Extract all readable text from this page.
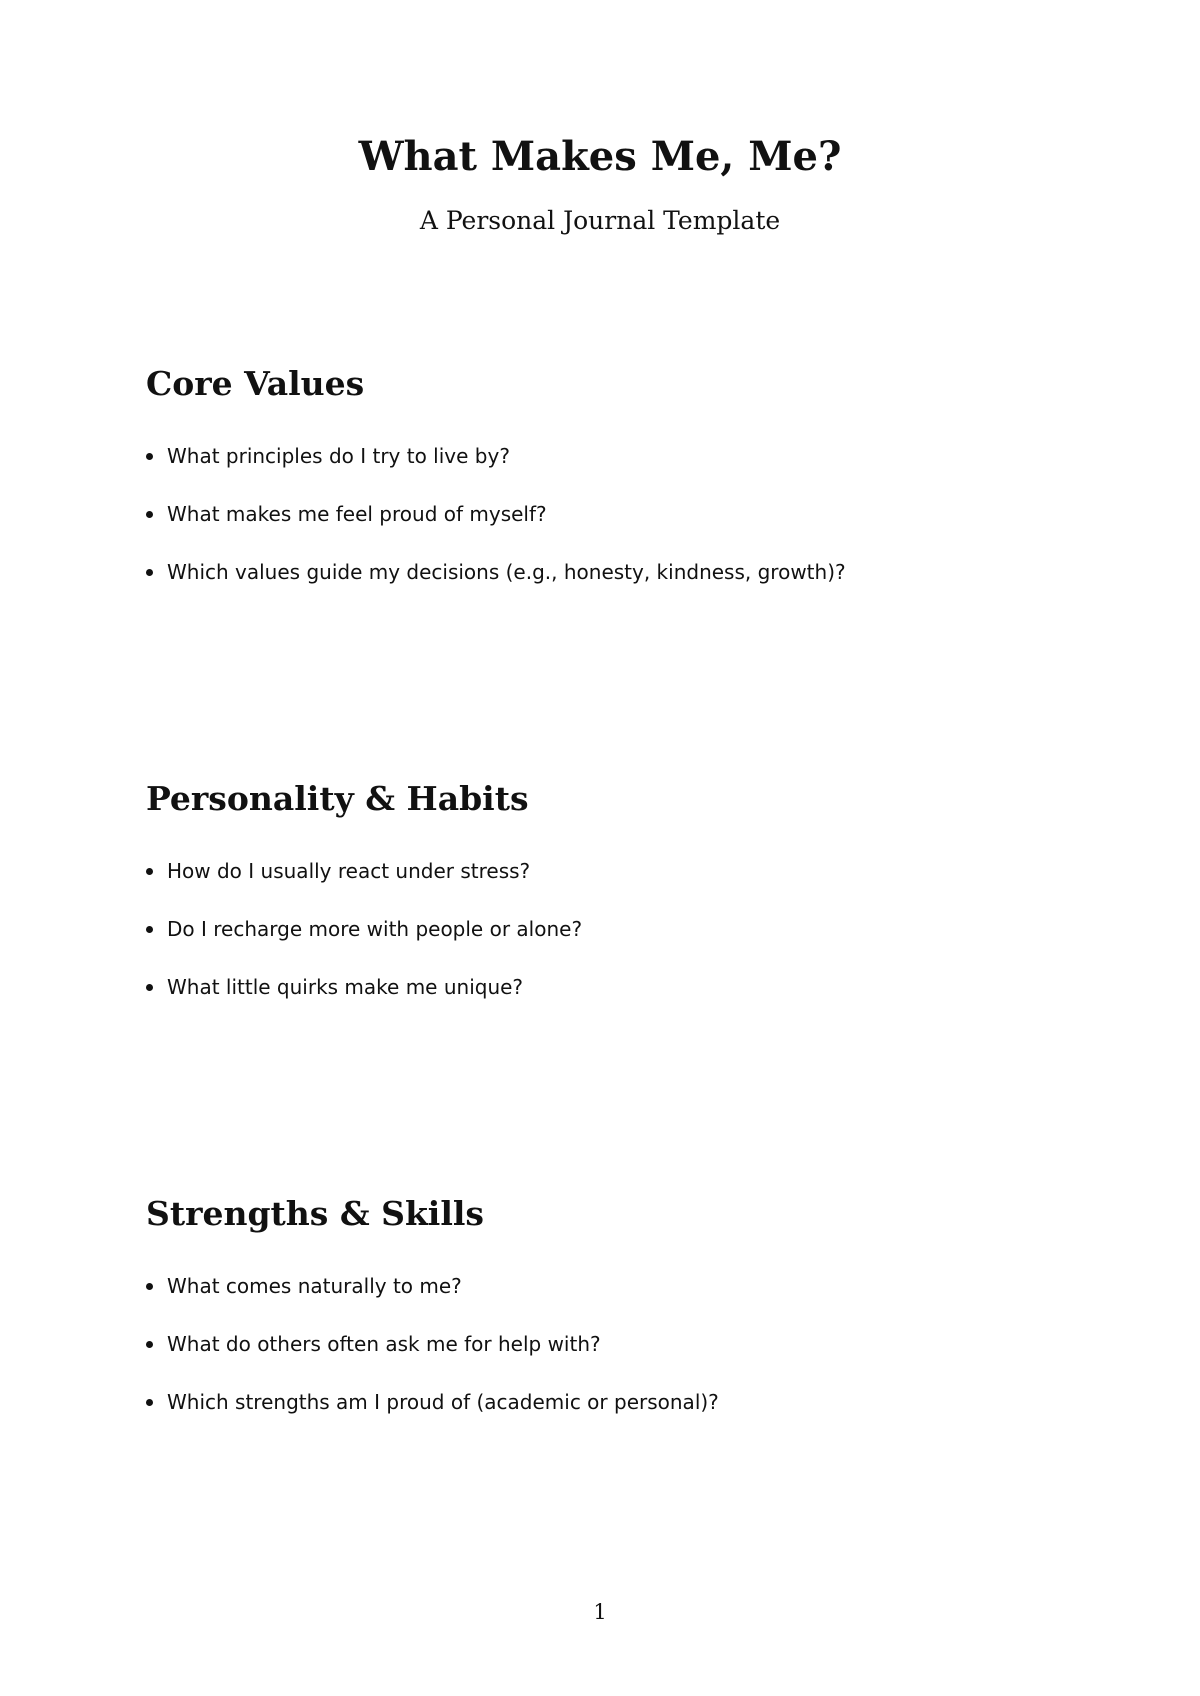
What Makes Me, Me?

A Personal Journal Template

Core Values
What principles do I try to live by?
What makes me feel proud of myself?
Which values guide my decisions (e.g., honesty, kindness, growth)?
Personality & Habits
How do I usually react under stress?
Do I recharge more with people or alone?
What little quirks make me unique?
Strengths & Skills
What comes naturally to me?
What do others often ask me for help with?
Which strengths am I proud of (academic or personal)?

1
